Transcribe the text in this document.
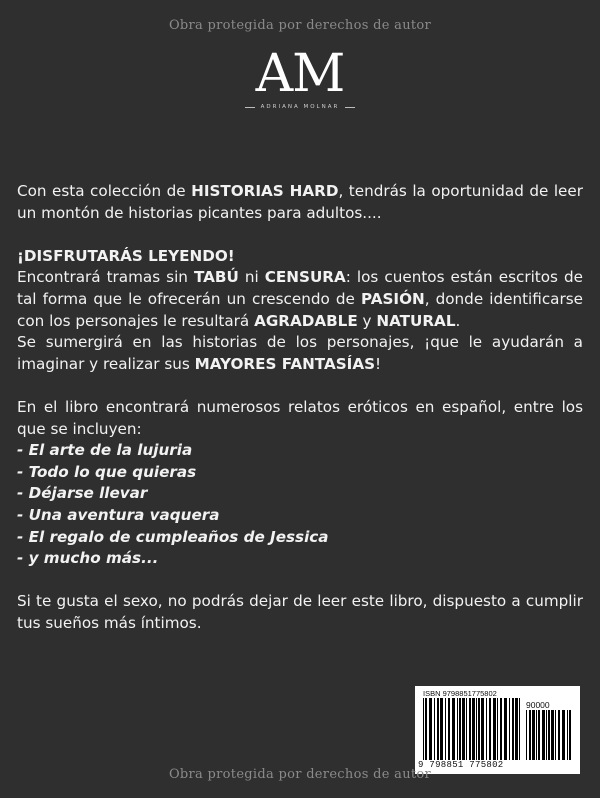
Obra protegida por derechos de autor
AM
ADRIANA MOLNAR

Con esta colección de HISTORIAS HARD, tendrás la oportunidad de leer un montón de historias picantes para adultos....

¡DISFRUTARÁS LEYENDO!

Encontrará tramas sin TABÚ ni CENSURA: los cuentos están escritos de tal forma que le ofrecerán un crescendo de PASIÓN, donde identificarse con los personajes le resultará AGRADABLE y NATURAL.

Se sumergirá en las historias de los personajes, ¡que le ayudarán a imaginar y realizar sus MAYORES FANTASÍAS!

En el libro encontrará numerosos relatos eróticos en español, entre los que se incluyen:

- El arte de la lujuria

- Todo lo que quieras

- Déjarse llevar

- Una aventura vaquera

- El regalo de cumpleaños de Jessica

- y mucho más...

Si te gusta el sexo, no podrás dejar de leer este libro, dispuesto a cumplir tus sueños más íntimos.

ISBN 9798851775802
90000
9 798851 775802
Obra protegida por derechos de autor
